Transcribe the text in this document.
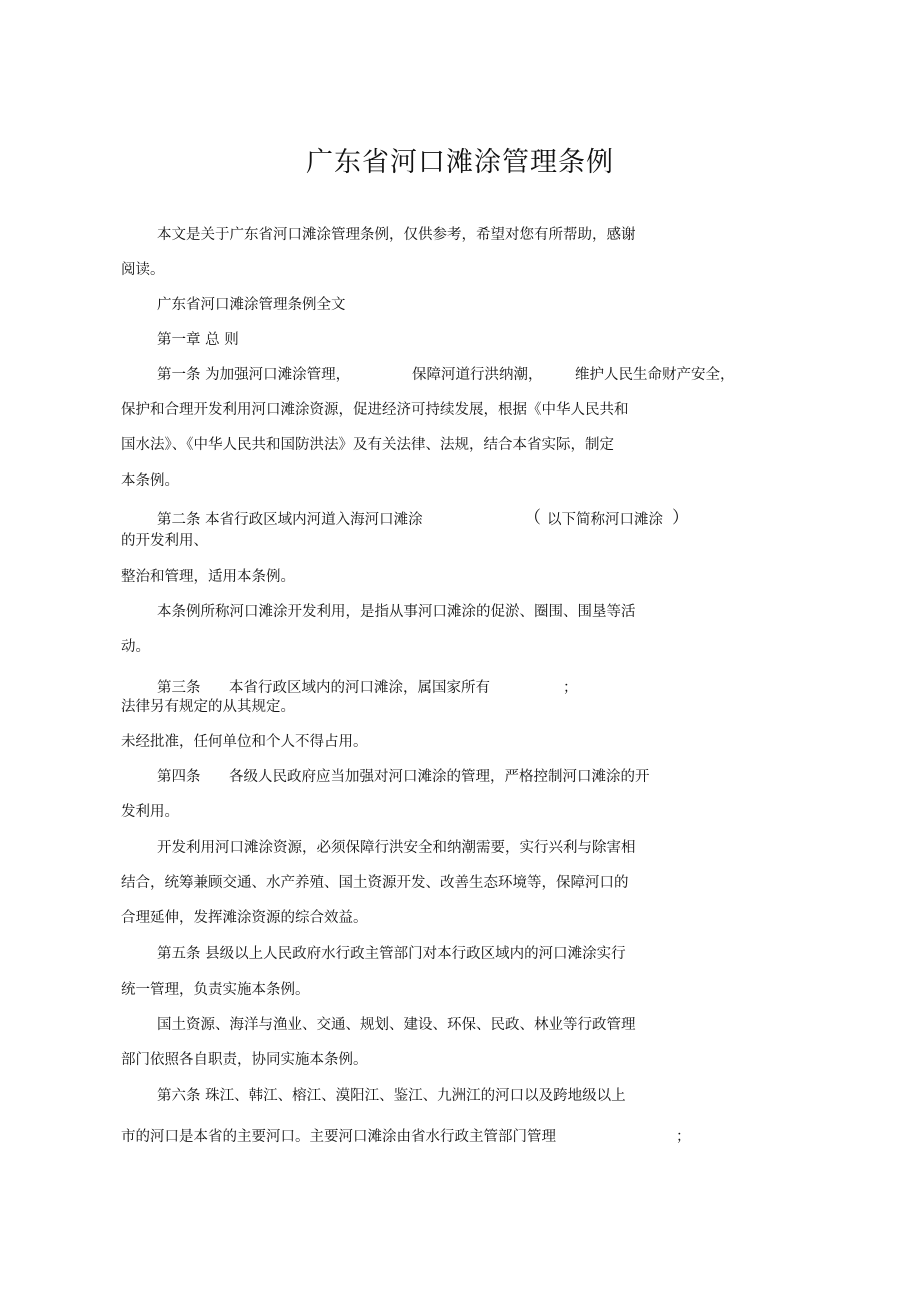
广东省河口滩涂管理条例
本文是关于广东省河口滩涂管理条例，仅供参考，希望对您有所帮助，感谢
阅读。
广东省河口滩涂管理条例全文
第一章 总 则
第一条 为加强河口滩涂管理，	保障河道行洪纳潮， 维护人民生命财产安全，
保护和合理开发利用河口滩涂资源，促进经济可持续发展，根据《中华人民共和
国水法》、《中华人民共和国防洪法》及有关法律、法规，结合本省实际，制定
本条例。
第二条 本省行政区域内河道入海河口滩涂	（ 以下简称河口滩涂 ）
的开发利用、
整治和管理，适用本条例。
本条例所称河口滩涂开发利用，是指从事河口滩涂的促淤、圈围、围垦等活
动。
第三条 本省行政区域内的河口滩涂，属国家所有	；
法律另有规定的从其规定。
未经批准，任何单位和个人不得占用。
第四条 各级人民政府应当加强对河口滩涂的管理，严格控制河口滩涂的开
发利用。
开发利用河口滩涂资源，必须保障行洪安全和纳潮需要，实行兴利与除害相
结合，统筹兼顾交通、水产养殖、国土资源开发、改善生态环境等，保障河口的
合理延伸，发挥滩涂资源的综合效益。
第五条 县级以上人民政府水行政主管部门对本行政区域内的河口滩涂实行
统一管理，负责实施本条例。
国土资源、海洋与渔业、交通、规划、建设、环保、民政、林业等行政管理
部门依照各自职责，协同实施本条例。
第六条 珠江、韩江、榕江、漠阳江、鉴江、九洲江的河口以及跨地级以上
市的河口是本省的主要河口。主要河口滩涂由省水行政主管部门管理	；
